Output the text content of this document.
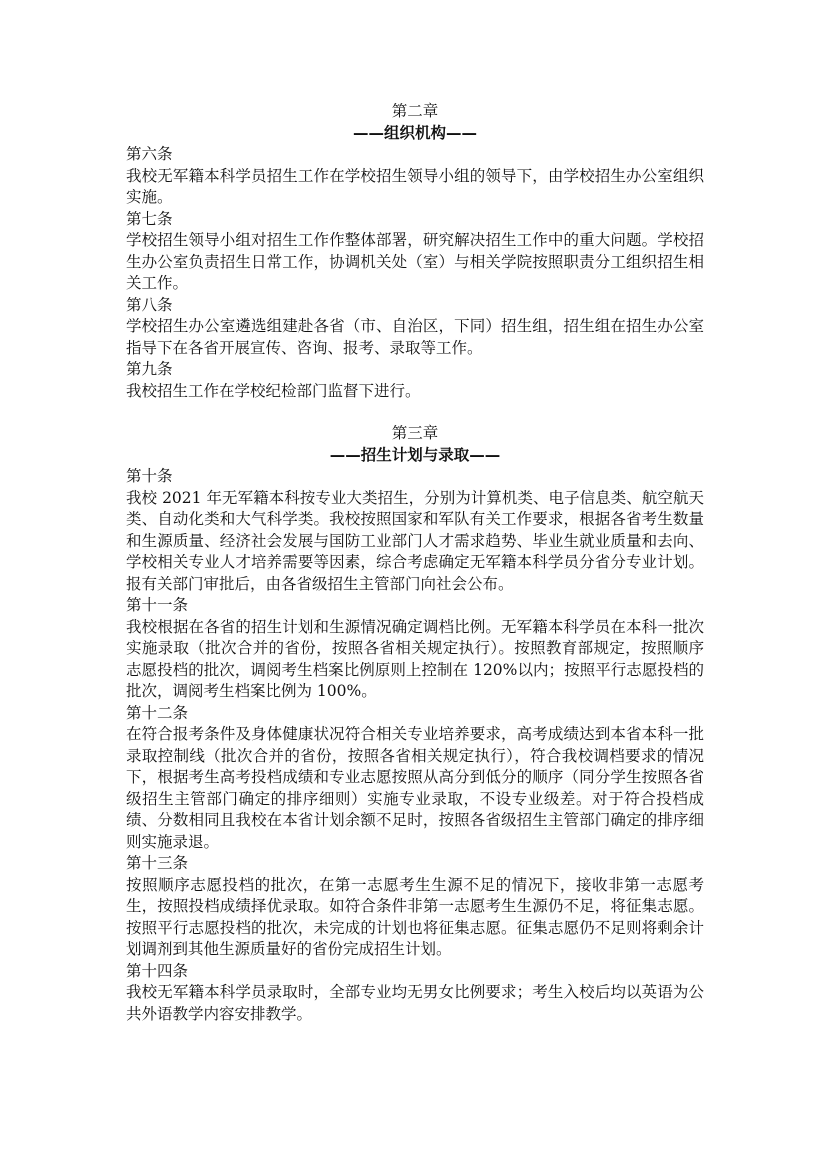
第二章
——组织机构——
第六条

我校无军籍本科学员招生工作在学校招生领导小组的领导下，由学校招生办公室组织实施。

第七条

学校招生领导小组对招生工作作整体部署，研究解决招生工作中的重大问题。学校招生办公室负责招生日常工作，协调机关处（室）与相关学院按照职责分工组织招生相关工作。

第八条

学校招生办公室遴选组建赴各省（市、自治区，下同）招生组，招生组在招生办公室指导下在各省开展宣传、咨询、报考、录取等工作。

第九条

我校招生工作在学校纪检部门监督下进行。

第三章
——招生计划与录取——
第十条

我校 2021 年无军籍本科按专业大类招生，分别为计算机类、电子信息类、航空航天类、自动化类和大气科学类。我校按照国家和军队有关工作要求，根据各省考生数量和生源质量、经济社会发展与国防工业部门人才需求趋势、毕业生就业质量和去向、学校相关专业人才培养需要等因素，综合考虑确定无军籍本科学员分省分专业计划。报有关部门审批后，由各省级招生主管部门向社会公布。

第十一条

我校根据在各省的招生计划和生源情况确定调档比例。无军籍本科学员在本科一批次实施录取（批次合并的省份，按照各省相关规定执行）。按照教育部规定，按照顺序志愿投档的批次，调阅考生档案比例原则上控制在 120%以内；按照平行志愿投档的批次，调阅考生档案比例为 100%。

第十二条

在符合报考条件及身体健康状况符合相关专业培养要求，高考成绩达到本省本科一批录取控制线（批次合并的省份，按照各省相关规定执行），符合我校调档要求的情况下，根据考生高考投档成绩和专业志愿按照从高分到低分的顺序（同分学生按照各省级招生主管部门确定的排序细则）实施专业录取，不设专业级差。对于符合投档成绩、分数相同且我校在本省计划余额不足时，按照各省级招生主管部门确定的排序细则实施录退。

第十三条

按照顺序志愿投档的批次，在第一志愿考生生源不足的情况下，接收非第一志愿考生，按照投档成绩择优录取。如符合条件非第一志愿考生生源仍不足，将征集志愿。按照平行志愿投档的批次，未完成的计划也将征集志愿。征集志愿仍不足则将剩余计划调剂到其他生源质量好的省份完成招生计划。

第十四条

我校无军籍本科学员录取时，全部专业均无男女比例要求；考生入校后均以英语为公共外语教学内容安排教学。
